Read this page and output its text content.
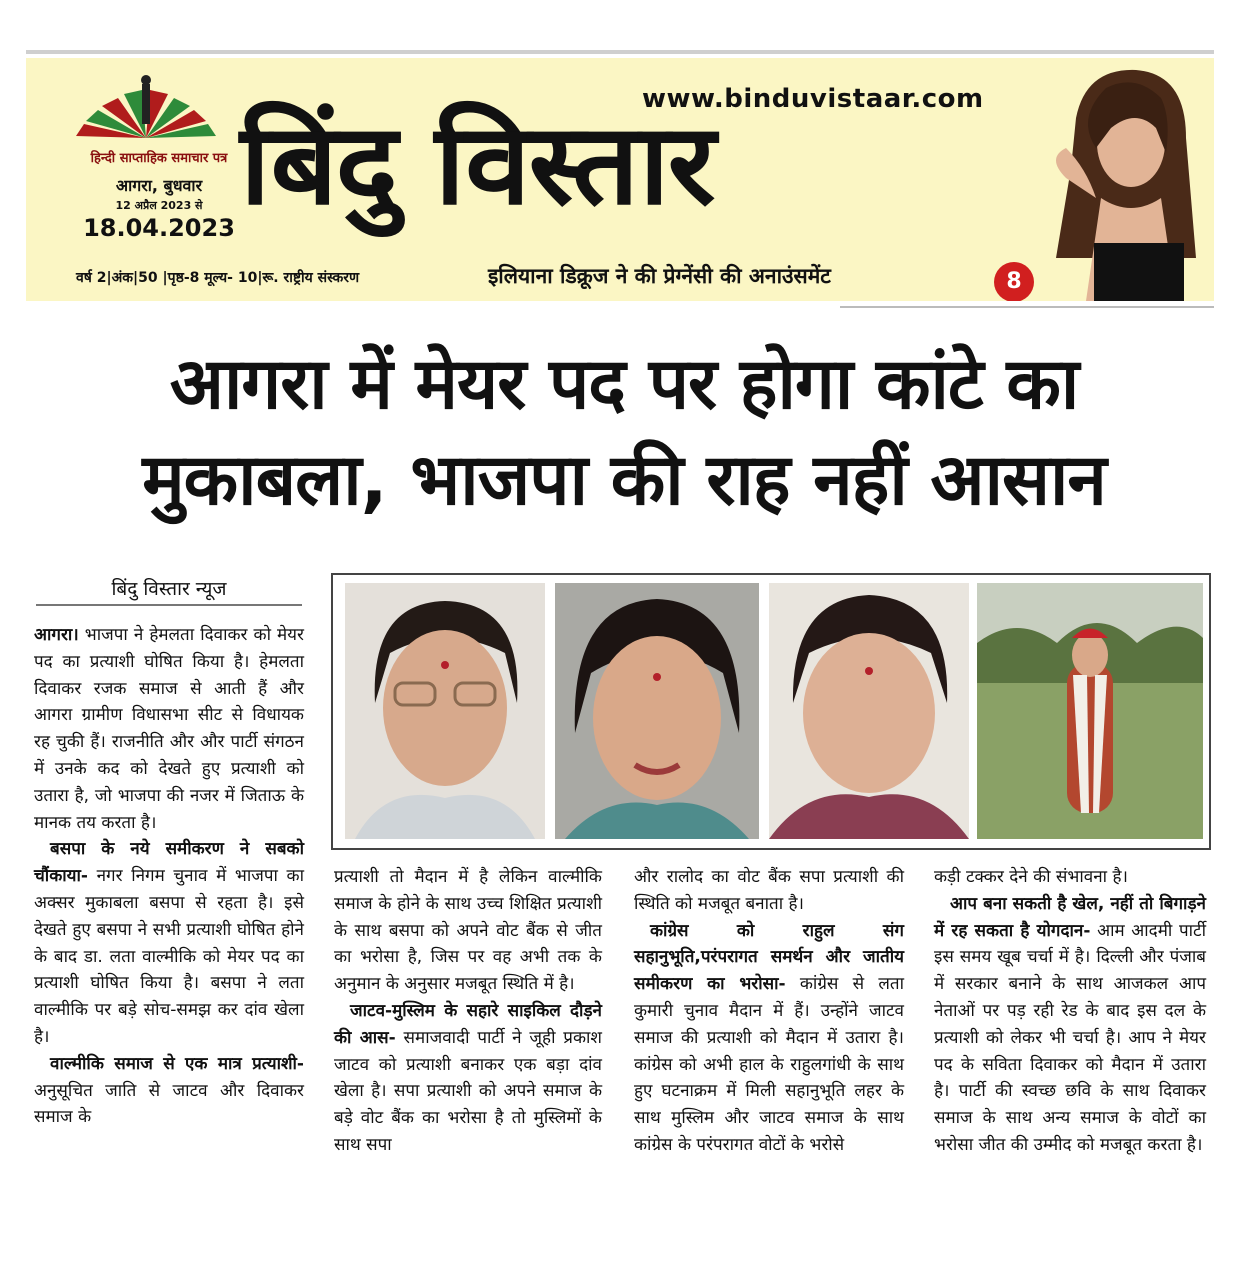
हिन्दी साप्ताहिक समाचार पत्र
आगरा, बुधवार
12 अप्रैल 2023 से
18.04.2023
वर्ष 2|अंक|50 |पृष्ठ-8 मूल्य- 10|रू. राष्ट्रीय संस्करण
www.binduvistaar.com
बिंदु विस्तार
इलियाना डिक्रूज ने की प्रेग्नेंसी की अनाउंसमेंट	8
आगरा में मेयर पद पर होगा कांटे का
मुकाबला, भाजपा की राह नहीं आसान
बिंदु विस्तार न्यूज

आगरा। भाजपा ने हेमलता दिवाकर को मेयर पद का प्रत्याशी घोषित किया है। हेमलता दिवाकर रजक समाज से आती हैं और आगरा ग्रामीण विधासभा सीट से विधायक रह चुकी हैं। राजनीति और और पार्टी संगठन में उनके कद को देखते हुए प्रत्याशी को उतारा है, जो भाजपा की नजर में जिताऊ के मानक तय करता है।

बसपा के नये समीकरण ने सबको चौंकाया- नगर निगम चुनाव में भाजपा का अक्सर मुकाबला बसपा से रहता है। इसे देखते हुए बसपा ने सभी प्रत्याशी घोषित होने के बाद डा. लता वाल्मीकि को मेयर पद का प्रत्याशी घोषित किया है। बसपा ने लता वाल्मीकि पर बड़े सोच-समझ कर दांव खेला है।

वाल्मीकि समाज से एक मात्र प्रत्याशी- अनुसूचित जाति से जाटव और दिवाकर समाज के

प्रत्याशी तो मैदान में है लेकिन वाल्मीकि समाज के होने के साथ उच्च शिक्षित प्रत्याशी के साथ बसपा को अपने वोट बैंक से जीत का भरोसा है, जिस पर वह अभी तक के अनुमान के अनुसार मजबूत स्थिति में है।

जाटव-मुस्लिम के सहारे साइकिल दौड़ने की आस- समाजवादी पार्टी ने जूही प्रकाश जाटव को प्रत्याशी बनाकर एक बड़ा दांव खेला है। सपा प्रत्याशी को अपने समाज के बड़े वोट बैंक का भरोसा है तो मुस्लिमों के साथ सपा

और रालोद का वोट बैंक सपा प्रत्याशी की स्थिति को मजबूत बनाता है।

कांग्रेस को राहुल संग सहानुभूति,परंपरागत समर्थन और जातीय समीकरण का भरोसा- कांग्रेस से लता कुमारी चुनाव मैदान में हैं। उन्होंने जाटव समाज की प्रत्याशी को मैदान में उतारा है। कांग्रेस को अभी हाल के राहुलगांधी के साथ हुए घटनाक्रम में मिली सहानुभूति लहर के साथ मुस्लिम और जाटव समाज के साथ कांग्रेस के परंपरागत वोटों के भरोसे

कड़ी टक्कर देने की संभावना है।

आप बना सकती है खेल, नहीं तो बिगाड़ने में रह सकता है योगदान- आम आदमी पार्टी इस समय खूब चर्चा में है। दिल्ली और पंजाब में सरकार बनाने के साथ आजकल आप नेताओं पर पड़ रही रेड के बाद इस दल के प्रत्याशी को लेकर भी चर्चा है। आप ने मेयर पद के सविता दिवाकर को मैदान में उतारा है। पार्टी की स्वच्छ छवि के साथ दिवाकर समाज के साथ अन्य समाज के वोटों का भरोसा जीत की उम्मीद को मजबूत करता है।
